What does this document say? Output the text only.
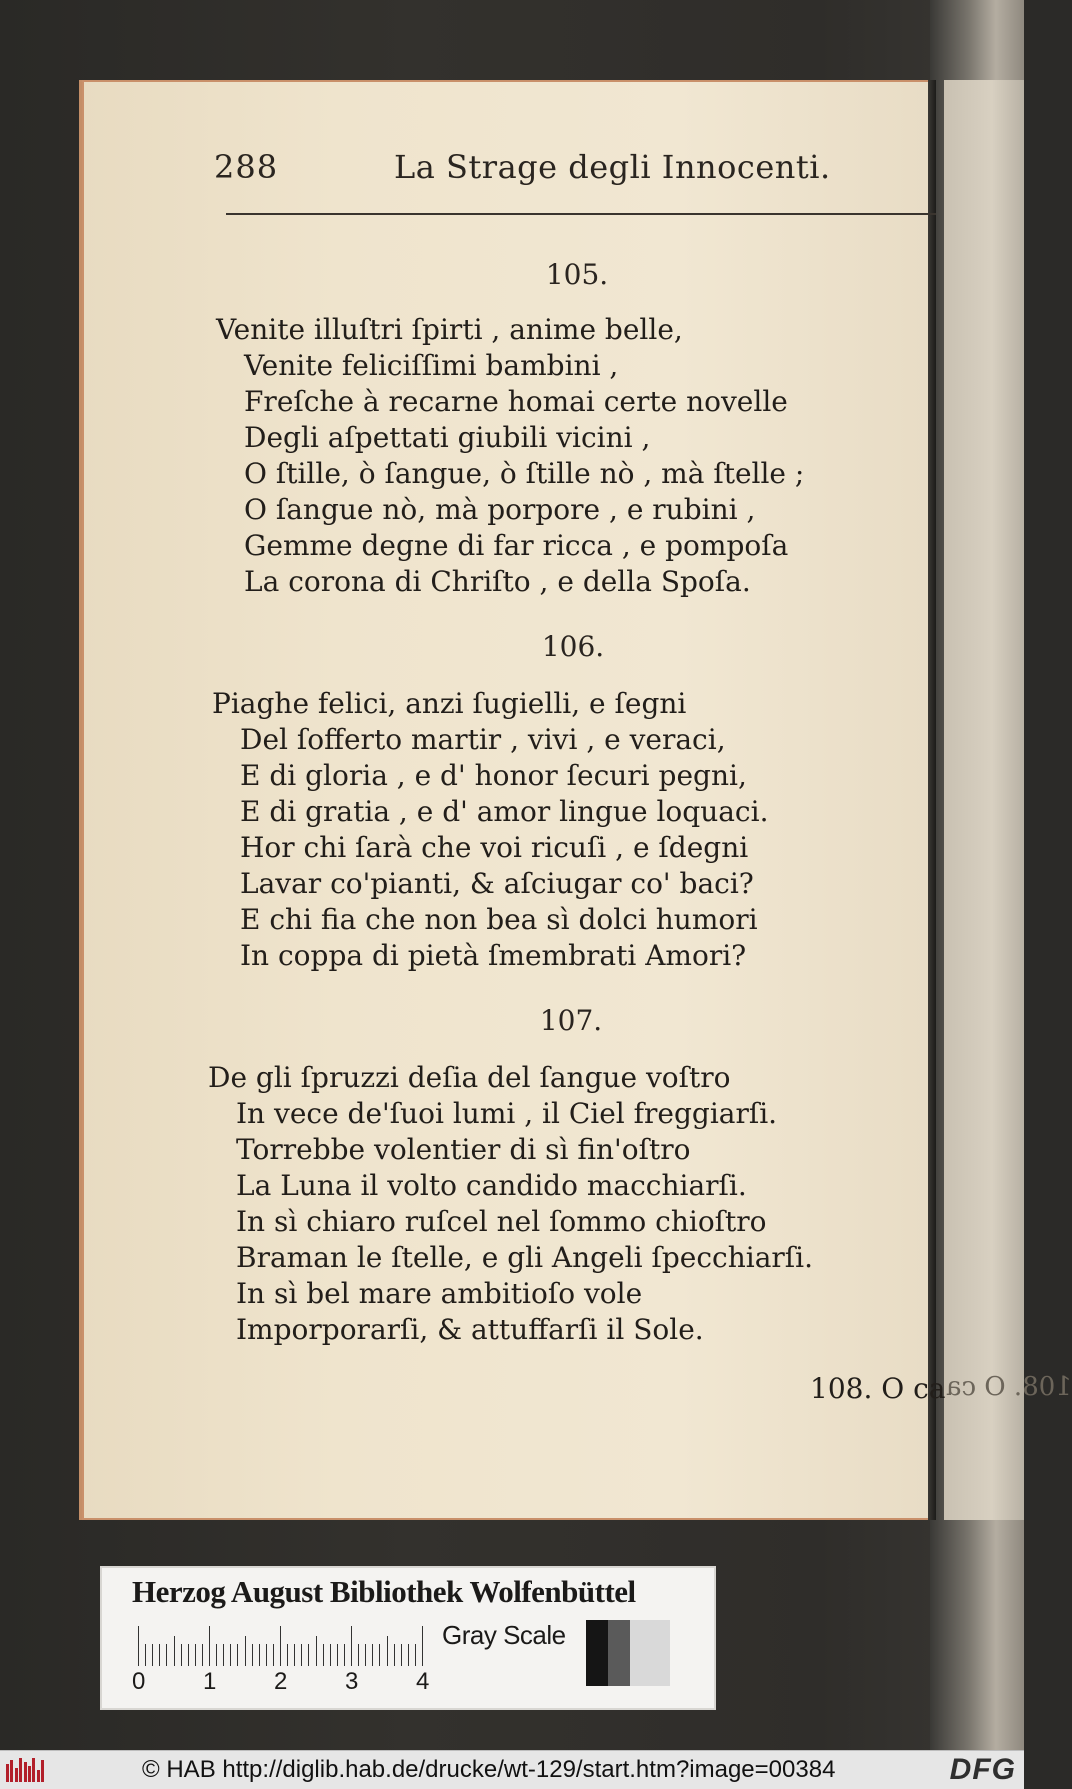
288	La Strage degli Innocenti.
105.
Venite illuſtri ſpirti , anime belle,
Venite feliciſſimi bambini ,
Freſche à recarne homai certe novelle
Degli aſpettati giubili vicini ,
O ſtille, ò ſangue, ò ſtille nò , mà ſtelle ;
O ſangue nò, mà porpore , e rubini ,
Gemme degne di far ricca , e pompoſa
La corona di Chriſto , e della Spoſa.
106.
Piaghe felici, anzi ſugielli, e ſegni
Del ſofferto martir , vivi , e veraci,
E di gloria , e d' honor ſecuri pegni,
E di gratia , e d' amor lingue loquaci.
Hor chi ſarà che voi ricuſi , e ſdegni
Lavar co'pianti, & aſciugar co' baci?
E chi fia che non bea sì dolci humori
In coppa di pietà ſmembrati Amori?
107.
De gli ſpruzzi deſia del ſangue voſtro
In vece de'ſuoi lumi , il Ciel freggiarſi.
Torrebbe volentier di sì fin'oſtro
La Luna il volto candido macchiarſi.
In sì chiaro ruſcel nel ſommo chioſtro
Braman le ſtelle, e gli Angeli ſpecchiarſi.
In sì bel mare ambitioſo vole
Imporporarſi, & attuffarſi il Sole.
108. O ca 108. O ca
Herzog August Bibliothek Wolfenbüttel
0 1 2 3 4
Gray Scale
© HAB http://diglib.hab.de/drucke/wt-129/start.htm?image=00384	DFG
